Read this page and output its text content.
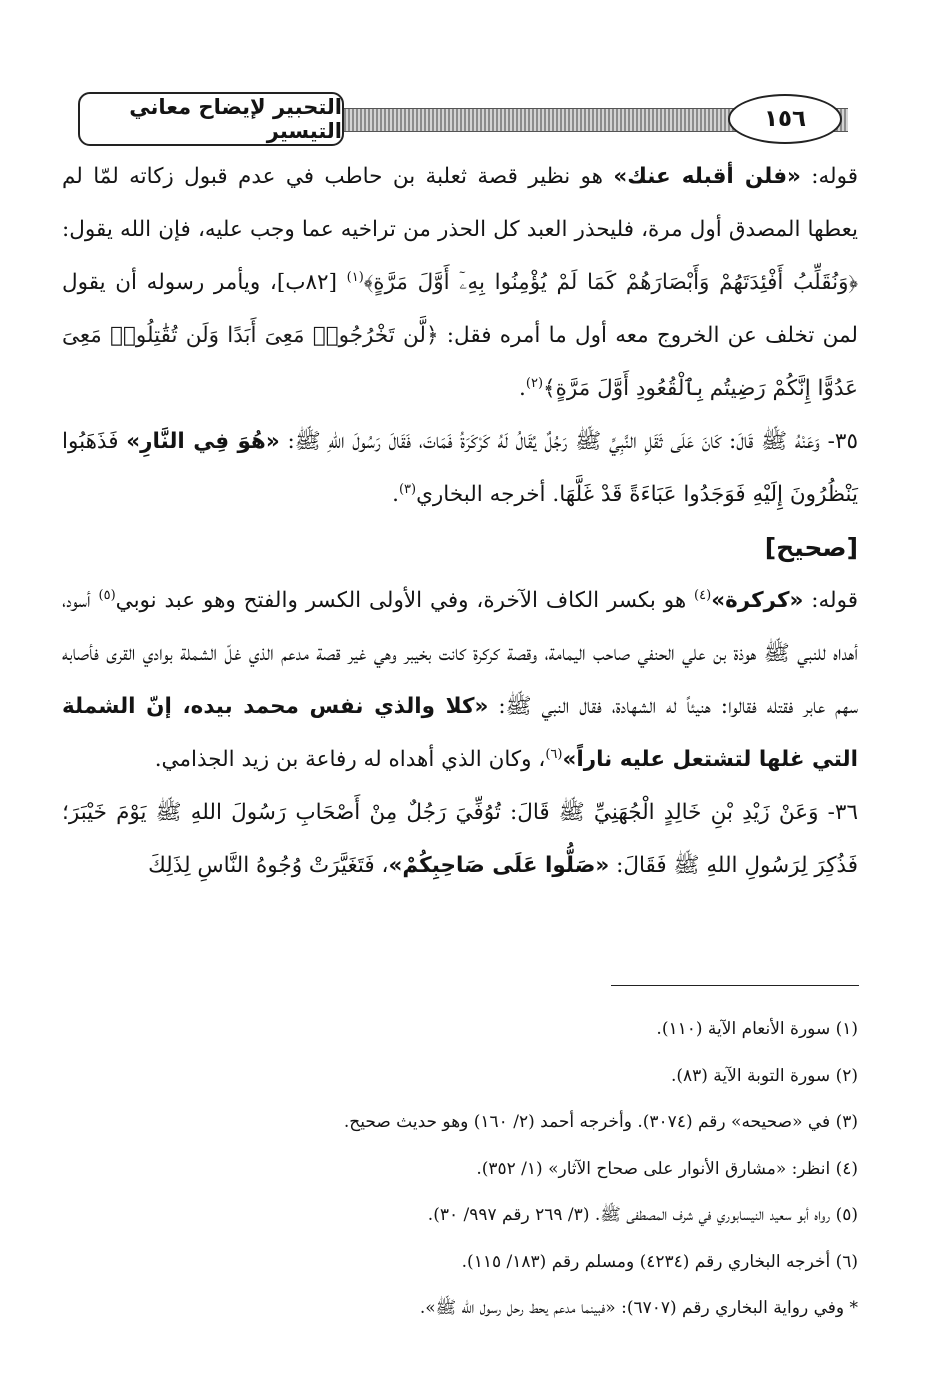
التحبير لإيضاح معاني التيسير	١٥٦

قوله: «فلن أقبله عنك» هو نظير قصة ثعلبة بن حاطب في عدم قبول زكاته لمّا لم يعطها المصدق أول مرة، فليحذر العبد كل الحذر من تراخيه عما وجب عليه، فإن الله يقول: ﴿وَنُقَلِّبُ أَفْئِدَتَهُمْ وَأَبْصَارَهُمْ كَمَا لَمْ يُؤْمِنُوا بِهِۦٓ أَوَّلَ مَرَّةٍ﴾$^{(١)}$ [٨٢ب]، ويأمر رسوله أن يقول لمن تخلف عن الخروج معه أول ما أمره فقل: ﴿لَّن تَخْرُجُوا۟ مَعِىَ أَبَدًا وَلَن تُقَٰتِلُوا۟ مَعِىَ عَدُوًّا إِنَّكُمْ رَضِيتُم بِٱلْقُعُودِ أَوَّلَ مَرَّةٍ﴾$^{(٢)}$.

٣٥- وَعَنْهُ ﷺ قَالَ: كَانَ عَلَى ثَقَلِ النَّبِيِّ ﷺ رَجُلٌ يُقَالُ لَهُ كَرْكَرَةُ فَمَاتَ، فَقَالَ رَسُولَ اللهِ ﷺ: «هُوَ فِي النَّارِ» فَذَهَبُوا يَنْظُرُونَ إِلَيْهِ فَوَجَدُوا عَبَاءَةً قَدْ غَلَّهَا. أخرجه البخاري$^{(٣)}$.

[صحيح]

قوله: «كركرة»$^{(٤)}$ هو بكسر الكاف الآخرة، وفي الأولى الكسر والفتح وهو عبد نوبي$^{(٥)}$ أسود، أهداه للنبي ﷺ هوذة بن علي الحنفي صاحب اليمامة، وقصة كركرة كانت بخيبر وهي غير قصة مدعم الذي غلّ الشملة بوادي القرى فأصابه سهم عابر فقتله فقالوا: هنيئاً له الشهادة، فقال النبي ﷺ: «كلا والذي نفس محمد بيده، إنّ الشملة التي غلها لتشتعل عليه ناراً»$^{(٦)}$، وكان الذي أهداه له رفاعة بن زيد الجذامي.

٣٦- وَعَنْ زَيْدِ بْنِ خَالِدٍ الْجُهَنِيِّ ﷺ قَالَ: تُوُفِّيَ رَجُلٌ مِنْ أَصْحَابِ رَسُولَ اللهِ ﷺ يَوْمَ خَيْبَرَ؛ فَذُكِرَ لِرَسُولِ اللهِ ﷺ فَقَالَ: «صَلُّوا عَلَى صَاحِبِكُمْ»، فَتَغَيَّرَتْ وُجُوهُ النَّاسِ لِذَلِكَ

(١) سورة الأنعام الآية (١١٠).

(٢) سورة التوبة الآية (٨٣).

(٣) في «صحيحه» رقم (٣٠٧٤). وأخرجه أحمد (٢/ ١٦٠) وهو حديث صحيح.

(٤) انظر: «مشارق الأنوار على صحاح الآثار» (١/ ٣٥٢).

(٥) رواه أبو سعيد النيسابوري في شرف المصطفى ﷺ. (٣/ ٢٦٩ رقم ٩٩٧/ ٣٠).

(٦) أخرجه البخاري رقم (٤٢٣٤) ومسلم رقم (١٨٣/ ١١٥).

* وفي رواية البخاري رقم (٦٧٠٧): «فبينما مدعم يحط رحل رسول الله ﷺ».
